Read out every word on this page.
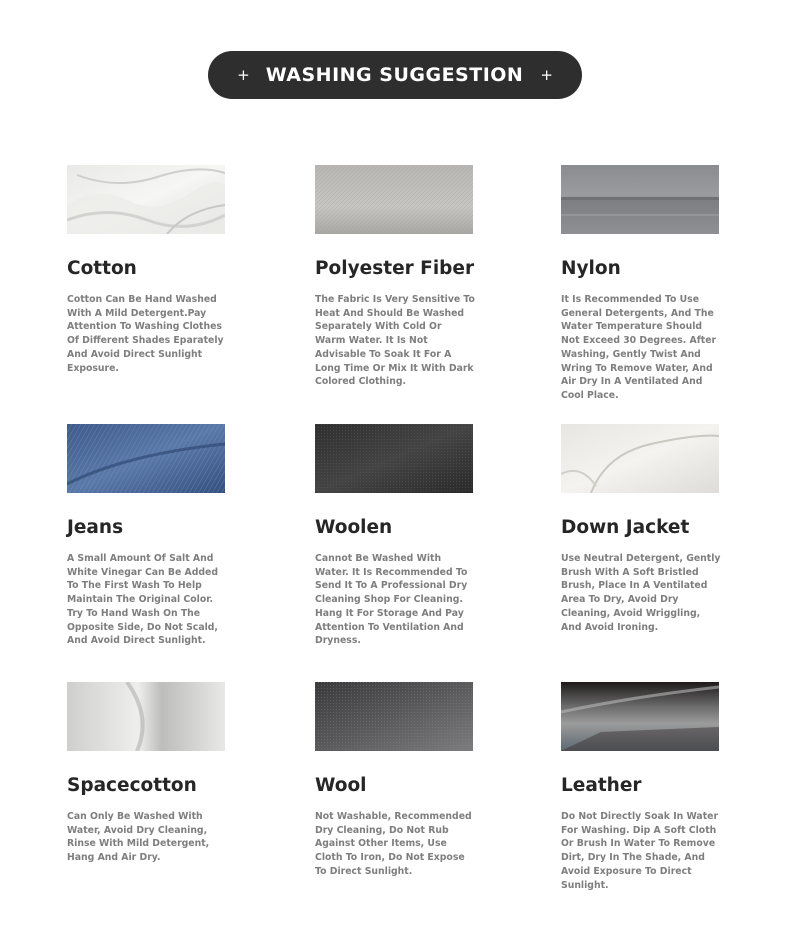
+ WASHING SUGGESTION +
Cotton

Cotton Can Be Hand Washed With A Mild Detergent.Pay Attention To Washing Clothes Of Different Shades Eparately And Avoid Direct Sunlight Exposure.

Polyester Fiber

The Fabric Is Very Sensitive To Heat And Should Be Washed Separately With Cold Or Warm Water. It Is Not Advisable To Soak It For A Long Time Or Mix It With Dark Colored Clothing.

Nylon

It Is Recommended To Use General Detergents, And The Water Temperature Should Not Exceed 30 Degrees. After Washing, Gently Twist And Wring To Remove Water, And Air Dry In A Ventilated And Cool Place.

Jeans

A Small Amount Of Salt And White Vinegar Can Be Added To The First Wash To Help Maintain The Original Color. Try To Hand Wash On The Opposite Side, Do Not Scald, And Avoid Direct Sunlight.

Woolen

Cannot Be Washed With Water. It Is Recommended To Send It To A Professional Dry Cleaning Shop For Cleaning. Hang It For Storage And Pay Attention To Ventilation And Dryness.

Down Jacket

Use Neutral Detergent, Gently Brush With A Soft Bristled Brush, Place In A Ventilated Area To Dry, Avoid Dry Cleaning, Avoid Wriggling, And Avoid Ironing.

Spacecotton

Can Only Be Washed With Water, Avoid Dry Cleaning, Rinse With Mild Detergent, Hang And Air Dry.

Wool

Not Washable, Recommended Dry Cleaning, Do Not Rub Against Other Items, Use Cloth To Iron, Do Not Expose To Direct Sunlight.

Leather

Do Not Directly Soak In Water For Washing. Dip A Soft Cloth Or Brush In Water To Remove Dirt, Dry In The Shade, And Avoid Exposure To Direct Sunlight.
